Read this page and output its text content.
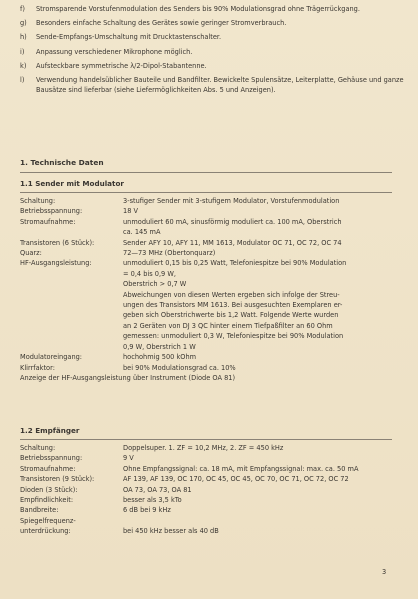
f)	Stromsparende Vorstufenmodulation des Senders bis 90% Modulationsgrad ohne Trägerrückgang.
g)	Besonders einfache Schaltung des Gerätes sowie geringer Stromverbrauch.
h)	Sende-Empfangs-Umschaltung mit Drucktastenschalter.
i)	Anpassung verschiedener Mikrophone möglich.
k)	Aufsteckbare symmetrische λ/2-Dipol-Stabantenne.
l)	Verwendung handelsüblicher Bauteile und Bandfilter. Bewickelte Spulensätze, Leiterplatte, Gehäuse und ganze Bausätze sind lieferbar (siehe Liefermöglichkeiten Abs. 5 und Anzeigen).
1. Technische Daten
1.1 Sender mit Modulator
Schaltung:	3-stufiger Sender mit 3-stufigem Modulator, Vorstufenmodulation
Betriebsspannung:	18 V
Stromaufnahme:	unmoduliert 60 mA, sinusförmig moduliert ca. 100 mA, Oberstrich
ca. 145 mA
Transistoren (6 Stück):	Sender AFY 10, AFY 11, MM 1613, Modulator OC 71, OC 72, OC 74
Quarz:	72—73 MHz (Obertonquarz)
HF-Ausgangsleistung:	unmoduliert 0,15 bis 0,25 Watt, Telefoniespitze bei 90% Modulation
= 0,4 bis 0,9 W,
Oberstrich > 0,7 W
Abweichungen von diesen Werten ergeben sich infolge der Streu-
ungen des Transistors MM 1613. Bei ausgesuchten Exemplaren er-
geben sich Oberstrichwerte bis 1,2 Watt. Folgende Werte wurden
an 2 Geräten von DJ 3 QC hinter einem Tiefpaßfilter an 60 Ohm
gemessen: unmoduliert 0,3 W, Telefoniespitze bei 90% Modulation
0,9 W, Oberstrich 1 W
Modulatoreingang:	hochohmig 500 kOhm
Klirrfaktor:	bei 90% Modulationsgrad ca. 10%
Anzeige der HF-Ausgangsleistung über Instrument (Diode OA 81)
1.2 Empfänger
Schaltung:	Doppelsuper. 1. ZF = 10,2 MHz, 2. ZF = 450 kHz
Betriebsspannung:	9 V
Stromaufnahme:	Ohne Empfangssignal: ca. 18 mA, mit Empfangssignal: max. ca. 50 mA
Transistoren (9 Stück):	AF 139, AF 139, OC 170, OC 45, OC 45, OC 70, OC 71, OC 72, OC 72
Dioden (3 Stück):	OA 73, OA 73, OA 81
Empfindlichkeit:	besser als 3,5 kTo
Bandbreite:	6 dB bei 9 kHz
Spiegelfrequenz-

unterdrückung:	bei 450 kHz besser als 40 dB
3
